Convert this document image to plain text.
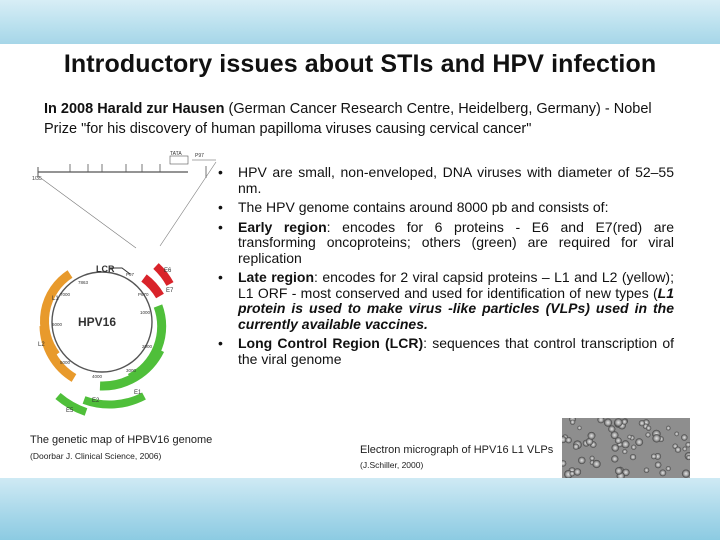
Introductory issues about STIs and HPV infection
In 2008 Harald zur Hausen (German Cancer Research Centre, Heidelberg, Germany) - Nobel Prize "for his discovery of human papilloma viruses causing cervical cancer"
1/35
TATA	P97
LCR
HPV16
7863
1000
2000
3000
4000
5000
6000
7000	P670
P97
E1
E2
E5
L2
L1
E6
E7
The genetic map of HPBV16 genome
(Doorbar J. Clinical Science, 2006)
• HPV are small, non-enveloped, DNA viruses with diameter of 52–55 nm.
• The HPV genome contains around 8000 pb and consists of:
• Early region: encodes for 6 proteins - E6 and E7(red) are transforming oncoproteins; others (green) are required for viral replication
• Late region: encodes for 2 viral capsid proteins – L1 and L2 (yellow); L1 ORF - most conserved and used for identification of new types (L1 protein is used to make virus -like particles (VLPs) used in the currently available vaccines.
• Long Control Region (LCR): sequences that control transcription of the viral genome
Electron micrograph of HPV16 L1 VLPs
(J.Schiller, 2000)
